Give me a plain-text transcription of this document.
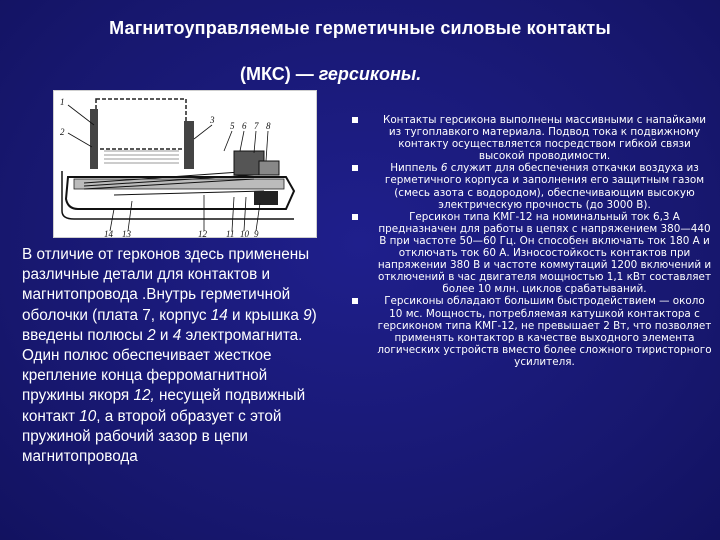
Магнитоуправляемые герметичные силовые контакты
(МКС) — герсиконы.
1
2
3
5 6 7 8
14 13	12 11 10 9
В отличие от герконов здесь применены различные детали для контактов и магнитопровода .Внутрь герметичной оболочки (плата 7, корпус 14 и крышка 9) введены полюсы 2 и 4 электромагнита. Один полюс обеспечивает жесткое крепление конца ферромагнитной пружины якоря 12, несущей подвижный контакт 10, а второй образует с этой пружиной рабочий зазор в цепи магнитопровода
Контакты герсикона выполнены массивными с напайками из тугоплавкого материала. Подвод тока к подвижному контакту осуществляется посредством гибкой связи высокой проводимости.
Ниппель 6 служит для обеспечения откачки воздуха из герметичного корпуса и заполнения его защитным газом (смесь азота с водородом), обеспечивающим высокую электрическую прочность (до 3000 В).
Герсикон типа КМГ-12 на номинальный ток 6,3 А предназначен для работы в цепях с напряжением 380—440 В при частоте 50—60 Гц. Он способен включать ток 180 А и отключать ток 60 А. Износостойкость контактов при напряжении 380 В и частоте коммутаций 1200 включений и отключений в час двигателя мощностью 1,1 кВт составляет более 10 млн. циклов срабатываний.
Герсиконы обладают большим быстродействием — около 10 мс. Мощность, потребляемая катушкой контактора с герсиконом типа КМГ-12, не превышает 2 Вт, что позволяет применять контактор в качестве выходного элемента логических устройств вместо более сложного тиристорного усилителя.
